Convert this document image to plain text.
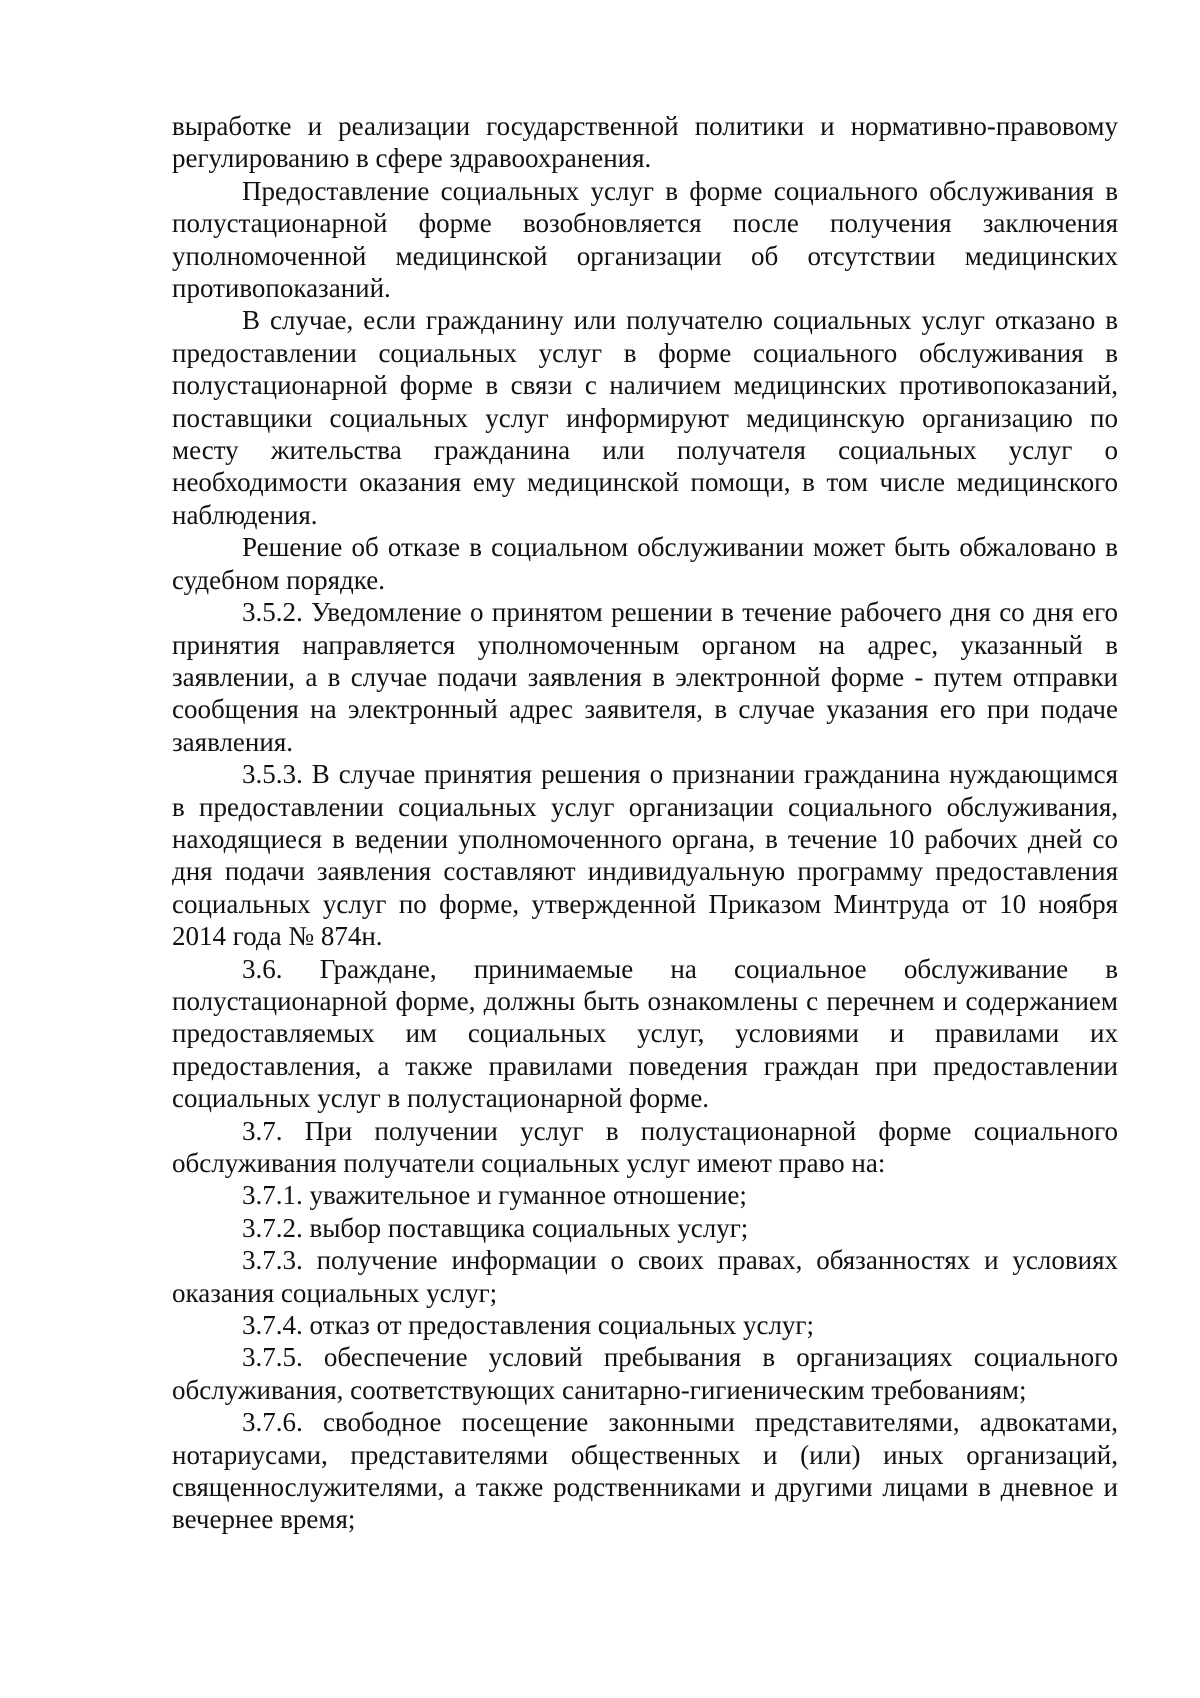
выработке и реализации государственной политики и нормативно-правовому регулированию в сфере здравоохранения.

Предоставление социальных услуг в форме социального обслуживания в полустационарной форме возобновляется после получения заключения уполномоченной медицинской организации об отсутствии медицинских противопоказаний.

В случае, если гражданину или получателю социальных услуг отказано в предоставлении социальных услуг в форме социального обслуживания в полустационарной форме в связи с наличием медицинских противопоказаний, поставщики социальных услуг информируют медицинскую организацию по месту жительства гражданина или получателя социальных услуг о необходимости оказания ему медицинской помощи, в том числе медицинского наблюдения.

Решение об отказе в социальном обслуживании может быть обжаловано в судебном порядке.

3.5.2. Уведомление о принятом решении в течение рабочего дня со дня его принятия направляется уполномоченным органом на адрес, указанный в заявлении, а в случае подачи заявления в электронной форме - путем отправки сообщения на электронный адрес заявителя, в случае указания его при подаче заявления.

3.5.3. В случае принятия решения о признании гражданина нуждающимся в предоставлении социальных услуг организации социального обслуживания, находящиеся в ведении уполномоченного органа, в течение 10 рабочих дней со дня подачи заявления составляют индивидуальную программу предоставления социальных услуг по форме, утвержденной Приказом Минтруда от 10 ноября 2014 года № 874н.

3.6. Граждане, принимаемые на социальное обслуживание в полустационарной форме, должны быть ознакомлены с перечнем и содержанием предоставляемых им социальных услуг, условиями и правилами их предоставления, а также правилами поведения граждан при предоставлении социальных услуг в полустационарной форме.

3.7. При получении услуг в полустационарной форме социального обслуживания получатели социальных услуг имеют право на:

3.7.1. уважительное и гуманное отношение;

3.7.2. выбор поставщика социальных услуг;

3.7.3. получение информации о своих правах, обязанностях и условиях оказания социальных услуг;

3.7.4. отказ от предоставления социальных услуг;

3.7.5. обеспечение условий пребывания в организациях социального обслуживания, соответствующих санитарно-гигиеническим требованиям;

3.7.6. свободное посещение законными представителями, адвокатами, нотариусами, представителями общественных и (или) иных организаций, священнослужителями, а также родственниками и другими лицами в дневное и вечернее время;
